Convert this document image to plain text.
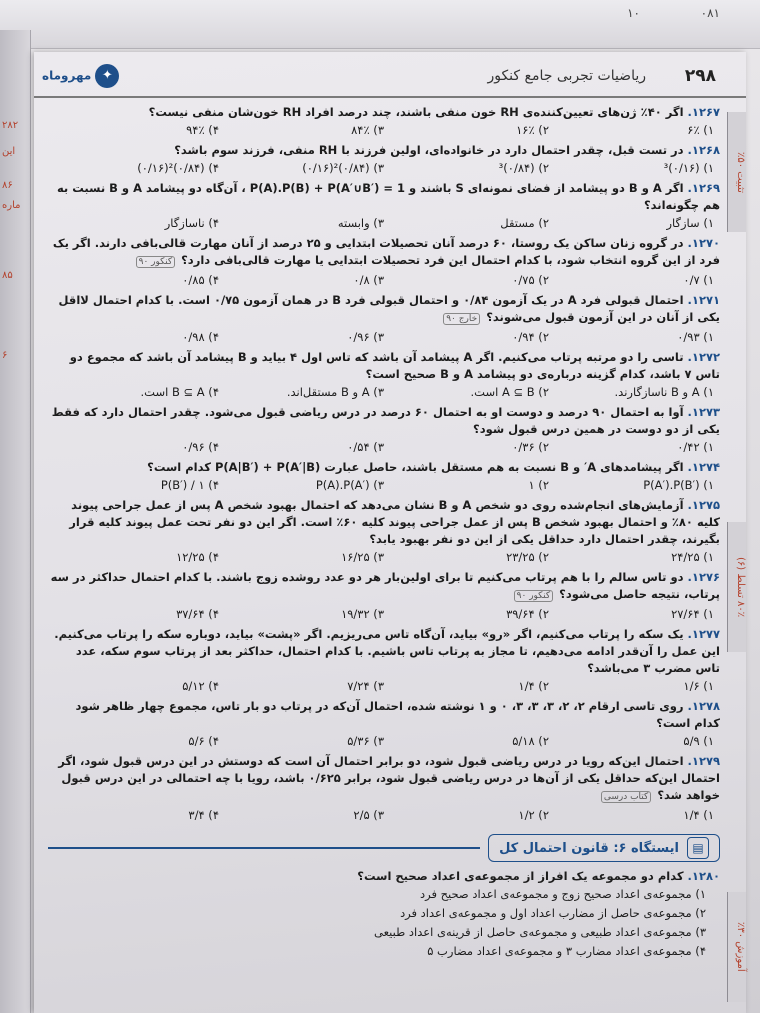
۱۰	۰۸۱
۲۸۲
این
۸۶
ماره
۸۵
۶
۲۹۸
ریاضیات تجربی جامع کنکور
✦مهروماه
تثبیت ۵۰٪
۸۰٪ تسلط (۶)
آموزش ۳۰٪
۱۲۶۷.اگر ۴۰٪ ژن‌های تعیین‌کننده‌ی RH خون منفی باشند، چند درصد افراد RH خون‌شان منفی نیست؟
۱) ۶٪
۲) ۱۶٪
۳) ۸۴٪
۴) ۹۴٪
۱۲۶۸.در تست قبل، چقدر احتمال دارد در خانواده‌ای، اولین فرزند با RH منفی، فرزند سوم باشد؟
۱) (۰/۱۶)³
۲) (۰/۸۴)³
۳) (۰/۸۴)²(۰/۱۶)
۴) (۰/۸۴)²(۰/۱۶)
۱۲۶۹.اگر A و B دو پیشامد از فضای نمونه‌ای S باشند و P(A).P(B) + P(A′∪B′) = 1 ، آن‌گاه دو پیشامد A و B نسبت به هم چگونه‌اند؟
۱) سازگار
۲) مستقل
۳) وابسته
۴) ناسازگار
۱۲۷۰.در گروه زنان ساکن یک روستا، ۶۰ درصد آنان تحصیلات ابتدایی و ۲۵ درصد از آنان مهارت قالی‌بافی دارند. اگر یک فرد از این گروه انتخاب شود، با کدام احتمال این فرد تحصیلات ابتدایی یا مهارت قالی‌بافی دارد؟کنکور ۹۰
۱) ۰/۷
۲) ۰/۷۵
۳) ۰/۸
۴) ۰/۸۵
۱۲۷۱.احتمال قبولی فرد A در یک آزمون ۰/۸۴ و احتمال قبولی فرد B در همان آزمون ۰/۷۵ است. با کدام احتمال لااقل یکی از آنان در این آزمون قبول می‌شوند؟خارج ۹۰
۱) ۰/۹۳
۲) ۰/۹۴
۳) ۰/۹۶
۴) ۰/۹۸
۱۲۷۲.تاسی را دو مرتبه پرتاب می‌کنیم. اگر A پیشامد آن باشد که تاس اول ۴ بیاید و B پیشامد آن باشد که مجموع دو تاس ۷ باشد، کدام گزینه درباره‌ی دو پیشامد A و B صحیح است؟
۱) A و B ناسازگارند.
۲) A ⊆ B است.
۳) A و B مستقل‌اند.
۴) B ⊆ A است.
۱۲۷۳.آوا به احتمال ۹۰ درصد و دوست او به احتمال ۶۰ درصد در درس ریاضی قبول می‌شود. چقدر احتمال دارد که فقط یکی از دو دوست در همین درس قبول شود؟
۱) ۰/۴۲
۲) ۰/۳۶
۳) ۰/۵۴
۴) ۰/۹۶
۱۲۷۴.اگر پیشامدهای A′ و B نسبت به هم مستقل باشند، حاصل عبارت P(A|B′) + P(A′|B) کدام است؟
۱) P(A′).P(B′)
۲) ۱
۳) P(A).P(A′)
۴) ۱ / P(B′)
۱۲۷۵.آزمایش‌های انجام‌شده روی دو شخص A و B نشان می‌دهد که احتمال بهبود شخص A پس از عمل جراحی پیوند کلیه ۸۰٪ و احتمال بهبود شخص B پس از عمل جراحی پیوند کلیه ۶۰٪ است. اگر این دو نفر تحت عمل پیوند کلیه قرار بگیرند، چقدر احتمال دارد حداقل یکی از این دو نفر بهبود یابد؟
۱) ۲۴/۲۵
۲) ۲۳/۲۵
۳) ۱۶/۲۵
۴) ۱۲/۲۵
۱۲۷۶.دو تاس سالم را با هم پرتاب می‌کنیم تا برای اولین‌بار هر دو عدد روشده زوج باشند. با کدام احتمال حداکثر در سه پرتاب، نتیجه حاصل می‌شود؟کنکور ۹۰
۱) ۲۷/۶۴
۲) ۳۹/۶۴
۳) ۱۹/۳۲
۴) ۳۷/۶۴
۱۲۷۷.یک سکه را پرتاب می‌کنیم، اگر «رو» بیاید، آن‌گاه تاس می‌ریزیم. اگر «پشت» بیاید، دوباره سکه را پرتاب می‌کنیم. این عمل را آن‌قدر ادامه می‌دهیم، تا مجاز به پرتاب تاس باشیم. با کدام احتمال، حداکثر بعد از پرتاب سوم سکه، عدد تاس مضرب ۳ می‌باشد؟
۱) ۱/۶
۲) ۱/۴
۳) ۷/۲۴
۴) ۵/۱۲
۱۲۷۸.روی تاسی ارقام ۲، ۲، ۳، ۳، ۳، ۰ و ۱ نوشته شده، احتمال آن‌که در پرتاب دو بار تاس، مجموع چهار ظاهر شود کدام است؟
۱) ۵/۹
۲) ۵/۱۸
۳) ۵/۳۶
۴) ۵/۶
۱۲۷۹.احتمال این‌که رویا در درس ریاضی قبول شود، دو برابر احتمال آن است که دوستش در این درس قبول شود، اگر احتمال این‌که حداقل یکی از آن‌ها در درس ریاضی قبول شود، برابر ۰/۶۲۵ باشد، رویا با چه احتمالی در این درس قبول خواهد شد؟کتاب درسی
۱) ۱/۴
۲) ۱/۲
۳) ۲/۵
۴) ۳/۴
▤
ایستگاه ۶: قانون احتمال کل
۱۲۸۰.کدام دو مجموعه یک افراز از مجموعه‌ی اعداد صحیح است؟
۱) مجموعه‌ی اعداد صحیح زوج و مجموعه‌ی اعداد صحیح فرد
۲) مجموعه‌ی حاصل از مضارب اعداد اول و مجموعه‌ی اعداد فرد
۳) مجموعه‌ی اعداد طبیعی و مجموعه‌ی حاصل از قرینه‌ی اعداد طبیعی
۴) مجموعه‌ی اعداد مضارب ۳ و مجموعه‌ی اعداد مضارب ۵
